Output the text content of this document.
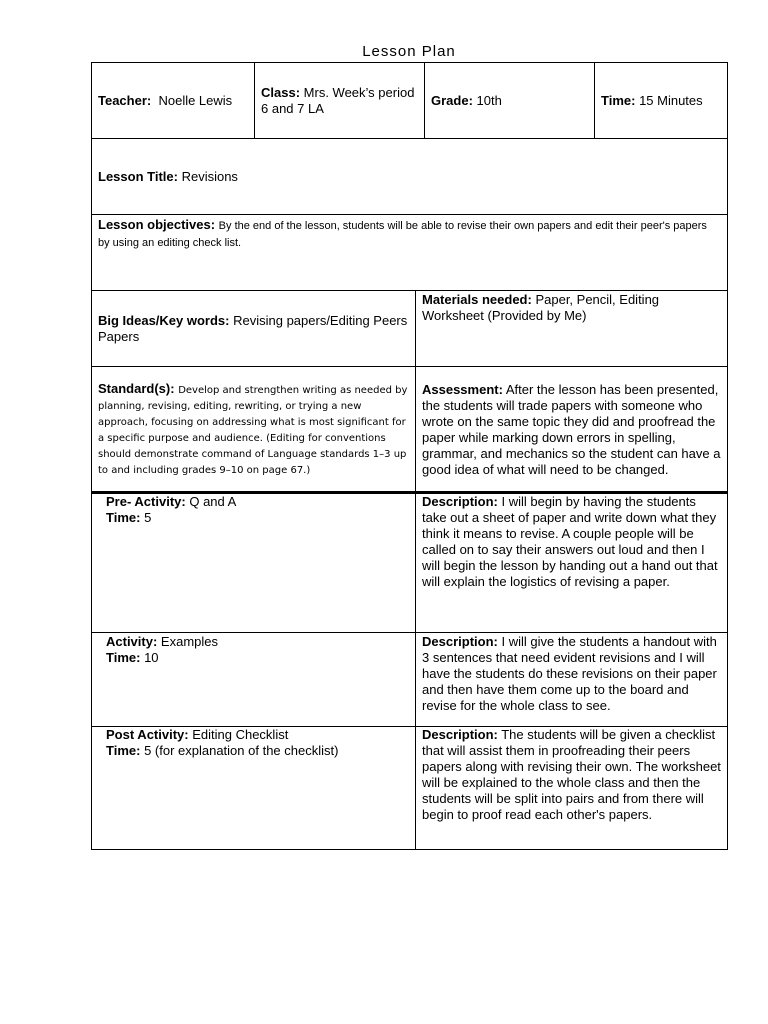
Lesson Plan
Teacher: Noelle Lewis
Class: Mrs. Week’s period 6 and 7 LA
Grade: 10th	Time: 15 Minutes
Lesson Title: Revisions
Lesson objectives: By the end of the lesson, students will be able to revise their own papers and edit their peer's papers by using an editing check list.
Big Ideas/Key words: Revising papers/Editing Peers Papers
Materials needed: Paper, Pencil, Editing Worksheet (Provided by Me)
Standard(s): Develop and strengthen writing as needed by planning, revising, editing, rewriting, or trying a new approach, focusing on addressing what is most significant for a specific purpose and audience. (Editing for conventions should demonstrate command of Language standards 1–3 up to and including grades 9–10 on page 67.)
Assessment: After the lesson has been presented, the students will trade papers with someone who wrote on the same topic they did and proofread the paper while marking down errors in spelling, grammar, and mechanics so the student can have a good idea of what will need to be changed.
Pre- Activity: Q and A
Time: 5
Description: I will begin by having the students take out a sheet of paper and write down what they think it means to revise. A couple people will be called on to say their answers out loud and then I will begin the lesson by handing out a hand out that will explain the logistics of revising a paper.
Activity: Examples
Time: 10
Description: I will give the students a handout with 3 sentences that need evident revisions and I will have the students do these revisions on their paper and then have them come up to the board and revise for the whole class to see.
Post Activity: Editing Checklist
Time: 5 (for explanation of the checklist)
Description: The students will be given a checklist that will assist them in proofreading their peers papers along with revising their own. The worksheet will be explained to the whole class and then the students will be split into pairs and from there will begin to proof read each other's papers.
